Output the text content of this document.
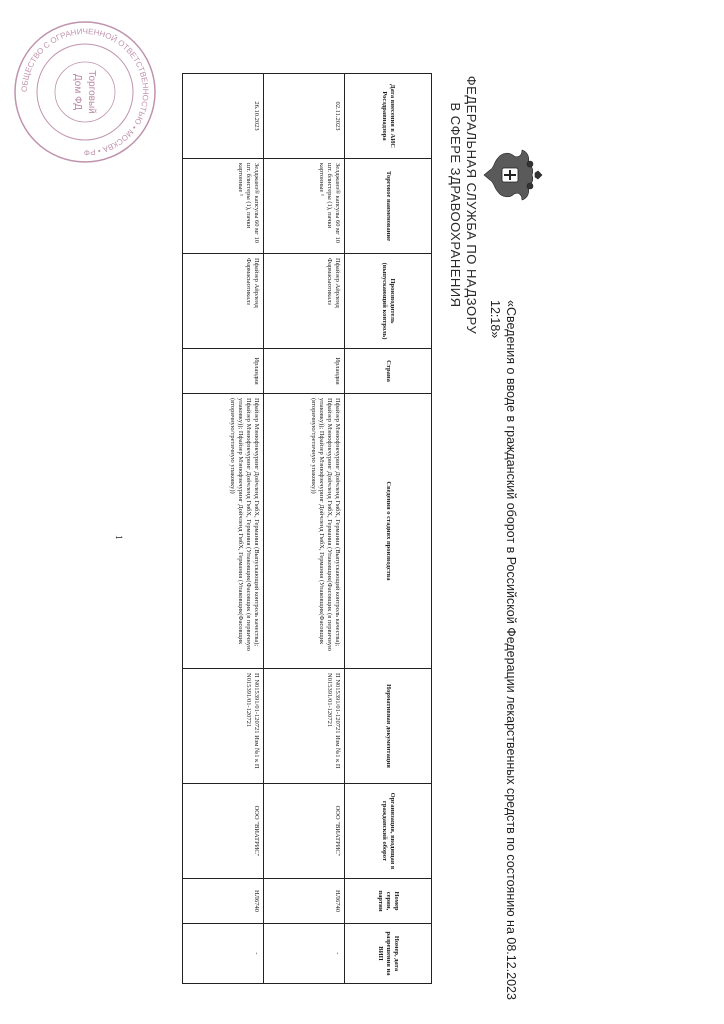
ОБЩЕСТВО С ОГРАНИЧЕННОЙ ОТВЕТСТВЕННОСТЬЮ • МОСКВА • РФ
Торговый
Дом ФД	ФЕДЕРАЛЬНАЯ СЛУЖБА ПО НАДЗОРУ
В СФЕРЕ ЗДРАВООХРАНЕНИЯ
«Сведения о вводе в гражданский оборот в Российской Федерации лекарственных средств по состоянию на 08.12.2023 12:18»
Дата внесения в АИС Росздравнадзора	Торговое наименование	Производитель (выпускающий контроль)	Страна	Сведения о стадиях производства	Нормативная документация	Организация, вводящая в гражданский оборот	Номер серии, партии	Номер, дата разрешения на ВИП
02.11.2023	Зелджанз® капсулы 60 мг 10 шт. блистеры (1), пачки картонные ¹	Пфайзер Айрленд Фармасьютикалз	Ирландия	Пфайзер Мэнюфэкчуринг Дойчленд ГмбХ, Германия (Выпускающий контроль качества); Пфайзер Мэнюфэкчуринг Дойчленд ГмбХ, Германия (Упаковщик(Фасовщик (в первичную упаковку)); Пфайзер Мэнюфэкчуринг Дойчленд ГмбХ, Германия (Упаковщик(Фасовщик (вторичную/третичную упаковку))	П N015391/01-120721 Изм №1 к П N015391/01-120721	ООО "ВИАТРИС"	НЛ6740	-
26.10.2023	Зелджанз® капсулы 60 мг 10 шт. блистеры (1), пачки картонные ¹	Пфайзер Айрленд Фармасьютикалз	Ирландия	Пфайзер Мэнюфэкчуринг Дойчленд ГмбХ, Германия (Выпускающий контроль качества); Пфайзер Мэнюфэкчуринг Дойчленд ГмбХ, Германия (Упаковщик(Фасовщик (в первичную упаковку)); Пфайзер Мэнюфэкчуринг Дойчленд ГмбХ, Германия (Упаковщик(Фасовщик (вторичную/третичную упаковку))	П N015391/01-120721 Изм №1 к П N015391/01-120721	ООО "ВИАТРИС"	НЛ6740	-
1
